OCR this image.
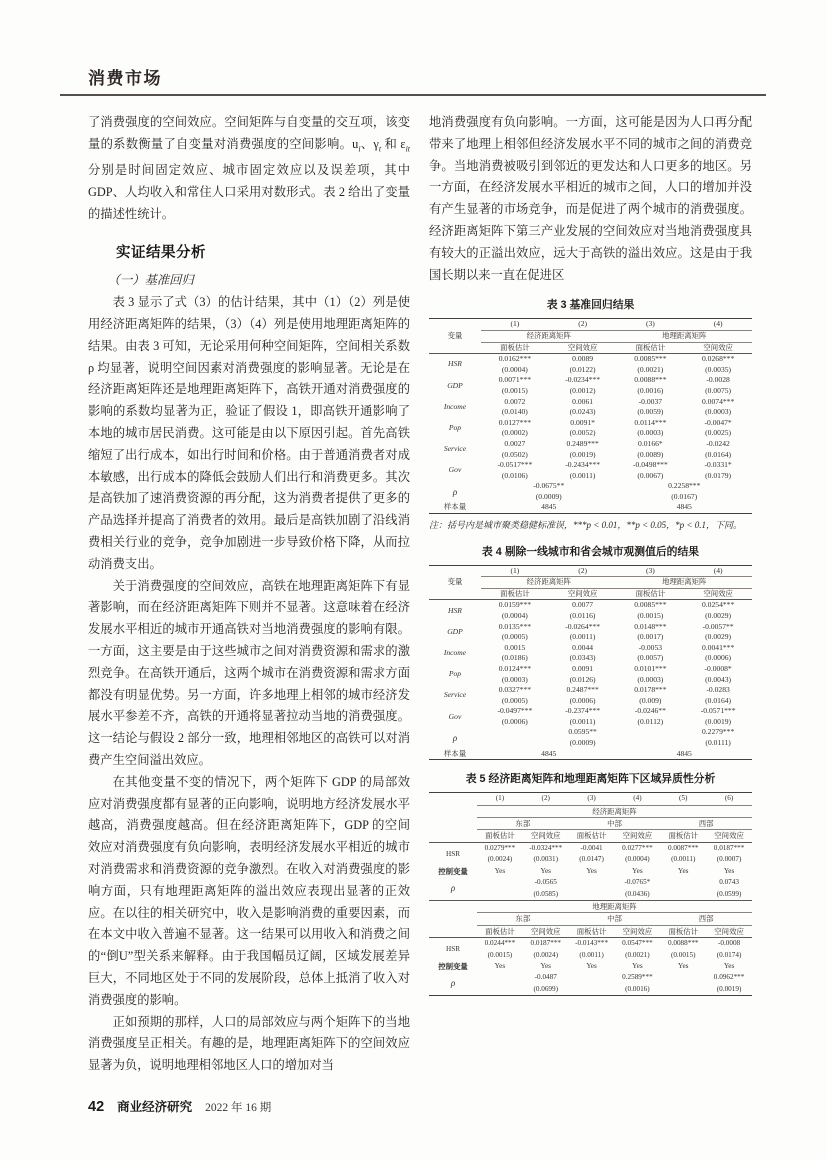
消费市场

了消费强度的空间效应。空间矩阵与自变量的交互项，该变量的系数衡量了自变量对消费强度的空间影响。$u_i$、$\gamma_t$ 和 $\varepsilon_{it}$ 分别是时间固定效应、城市固定效应以及误差项，其中 GDP、人均收入和常住人口采用对数形式。表 2 给出了变量的描述性统计。

实证结果分析
（一）基准回归

表 3 显示了式（3）的估计结果，其中（1）（2）列是使用经济距离矩阵的结果，（3）（4）列是使用地理距离矩阵的结果。由表 3 可知，无论采用何种空间矩阵，空间相关系数 ρ 均显著，说明空间因素对消费强度的影响显著。无论是在经济距离矩阵还是地理距离矩阵下，高铁开通对消费强度的影响的系数均显著为正，验证了假设 1，即高铁开通影响了本地的城市居民消费。这可能是由以下原因引起。首先高铁缩短了出行成本，如出行时间和价格。由于普通消费者对成本敏感，出行成本的降低会鼓励人们出行和消费更多。其次是高铁加了速消费资源的再分配，这为消费者提供了更多的产品选择并提高了消费者的效用。最后是高铁加剧了沿线消费相关行业的竞争，竞争加剧进一步导致价格下降，从而拉动消费支出。

关于消费强度的空间效应，高铁在地理距离矩阵下有显著影响，而在经济距离矩阵下则并不显著。这意味着在经济发展水平相近的城市开通高铁对当地消费强度的影响有限。一方面，这主要是由于这些城市之间对消费资源和需求的激烈竞争。在高铁开通后，这两个城市在消费资源和需求方面都没有明显优势。另一方面，许多地理上相邻的城市经济发展水平参差不齐，高铁的开通将显著拉动当地的消费强度。这一结论与假设 2 部分一致，地理相邻地区的高铁可以对消费产生空间溢出效应。

在其他变量不变的情况下，两个矩阵下 GDP 的局部效应对消费强度都有显著的正向影响，说明地方经济发展水平越高，消费强度越高。但在经济距离矩阵下，GDP 的空间效应对消费强度有负向影响，表明经济发展水平相近的城市对消费需求和消费资源的竞争激烈。在收入对消费强度的影响方面，只有地理距离矩阵的溢出效应表现出显著的正效应。在以往的相关研究中，收入是影响消费的重要因素，而在本文中收入普遍不显著。这一结果可以用收入和消费之间的“倒U”型关系来解释。由于我国幅员辽阔，区域发展差异巨大，不同地区处于不同的发展阶段，总体上抵消了收入对消费强度的影响。

正如预期的那样，人口的局部效应与两个矩阵下的当地消费强度呈正相关。有趣的是，地理距离矩阵下的空间效应显著为负，说明地理相邻地区人口的增加对当

地消费强度有负向影响。一方面，这可能是因为人口再分配带来了地理上相邻但经济发展水平不同的城市之间的消费竞争。当地消费被吸引到邻近的更发达和人口更多的地区。另一方面，在经济发展水平相近的城市之间，人口的增加并没有产生显著的市场竞争，而是促进了两个城市的消费强度。经济距离矩阵下第三产业发展的空间效应对当地消费强度具有较大的正溢出效应，远大于高铁的溢出效应。这是由于我国长期以来一直在促进区

表 3 基准回归结果
变量	(1)	(2)	(3)	(4)
	经济距离矩阵		地理距离矩阵	
	面板估计	空间效应	面板估计	空间效应
HSR	0.0162***	0.0089	0.0085***	0.0268***
	(0.0004)	(0.0122)	(0.0021)	(0.0035)
GDP	0.0071***	-0.0234***	0.0088***	-0.0028
	(0.0015)	(0.0012)	(0.0016)	(0.0075)
Income	0.0072	0.0061	-0.0037	0.0074***
	(0.0140)	(0.0243)	(0.0059)	(0.0003)
Pop	0.0127***	0.0091*	0.0114***	-0.0047*
	(0.0002)	(0.0052)	(0.0003)	(0.0025)
Service	0.0027	0.2489***	0.0166*	-0.0242
	(0.0502)	(0.0019)	(0.0089)	(0.0164)
Gov	-0.0517***	-0.2434***	-0.0498***	-0.0331*
	(0.0106)	(0.0011)	(0.0067)	(0.0179)
ρ	-0.0675**		0.2258***	
	(0.0009)		(0.0167)	
样本量	4845		4845	
注：括号内是城市聚类稳健标准误，***p < 0.01，**p < 0.05，*p < 0.1，下同。
表 4 剔除一线城市和省会城市观测值后的结果
变量	(1)	(2)	(3)	(4)
	经济距离矩阵		地理距离矩阵	
	面板估计	空间效应	面板估计	空间效应
HSR	0.0159***	0.0077	0.0085***	0.0254***
	(0.0004)	(0.0116)	(0.0015)	(0.0029)
GDP	0.0135***	-0.0264***	0.0148***	-0.0057**
	(0.0005)	(0.0011)	(0.0017)	(0.0029)
Income	0.0015	0.0044	-0.0053	0.0041***
	(0.0186)	(0.0343)	(0.0057)	(0.0006)
Pop	0.0124***	0.0091	0.0101***	-0.0008*
	(0.0003)	(0.0126)	(0.0003)	(0.0043)
Service	0.0327***	0.2487***	0.0178***	-0.0283
	(0.0005)	(0.0006)	(0.009)	(0.0164)
Gov	-0.0497***	-0.2374***	-0.0246**	-0.0571***
	(0.0006)	(0.0011)	(0.0112)	(0.0019)
ρ		0.0595**		0.2279***
		(0.0009)		(0.0111)
样本量	4845		4845	
表 5 经济距离矩阵和地理距离矩阵下区域异质性分析
	(1)	(2)	(3)	(4)	(5)	(6)
	经济距离矩阵					
	东部		中部		西部	
	面板估计	空间效应	面板估计	空间效应	面板估计	空间效应
HSR	0.0279***	-0.0324***	-0.0041	0.0277***	0.0087***	0.0187***
	(0.0024)	(0.0031)	(0.0147)	(0.0004)	(0.0011)	(0.0007)
控制变量	Yes	Yes	Yes	Yes	Yes	Yes
ρ		-0.0565		-0.0765*		0.0743
		(0.0585)		(0.0436)		(0.0599)
	地理距离矩阵					
	东部		中部		西部	
	面板估计	空间效应	面板估计	空间效应	面板估计	空间效应
HSR	0.0244***	0.0187***	-0.0143***	0.0547***	0.0088***	-0.0008
	(0.0015)	(0.0024)	(0.0011)	(0.0021)	(0.0015)	(0.0174)
控制变量	Yes	Yes	Yes	Yes	Yes	Yes
ρ		-0.0487		0.2589***		0.0962***
		(0.0699)		(0.0016)		(0.0019)
42 商业经济研究 2022 年 16 期
